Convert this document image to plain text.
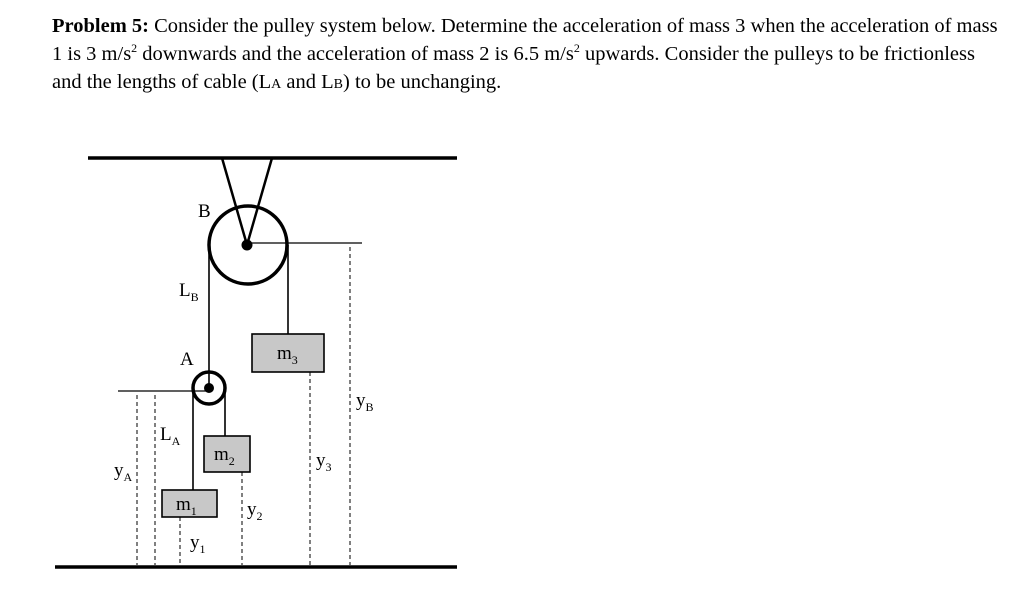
Problem 5: Consider the pulley system below. Determine the acceleration of mass 3 when the acceleration of mass 1 is 3 $m/s^2$ downwards and the acceleration of mass 2 is 6.5 $m/s^2$ upwards. Consider the pulleys to be frictionless and the lengths of cable (LA and LB) to be unchanging.

B
A
$L_B$
$L_A$
$m_3$
$m_2$
$m_1$
$y_1$
$y_2$
$y_3$
$y_A$
$y_B$
